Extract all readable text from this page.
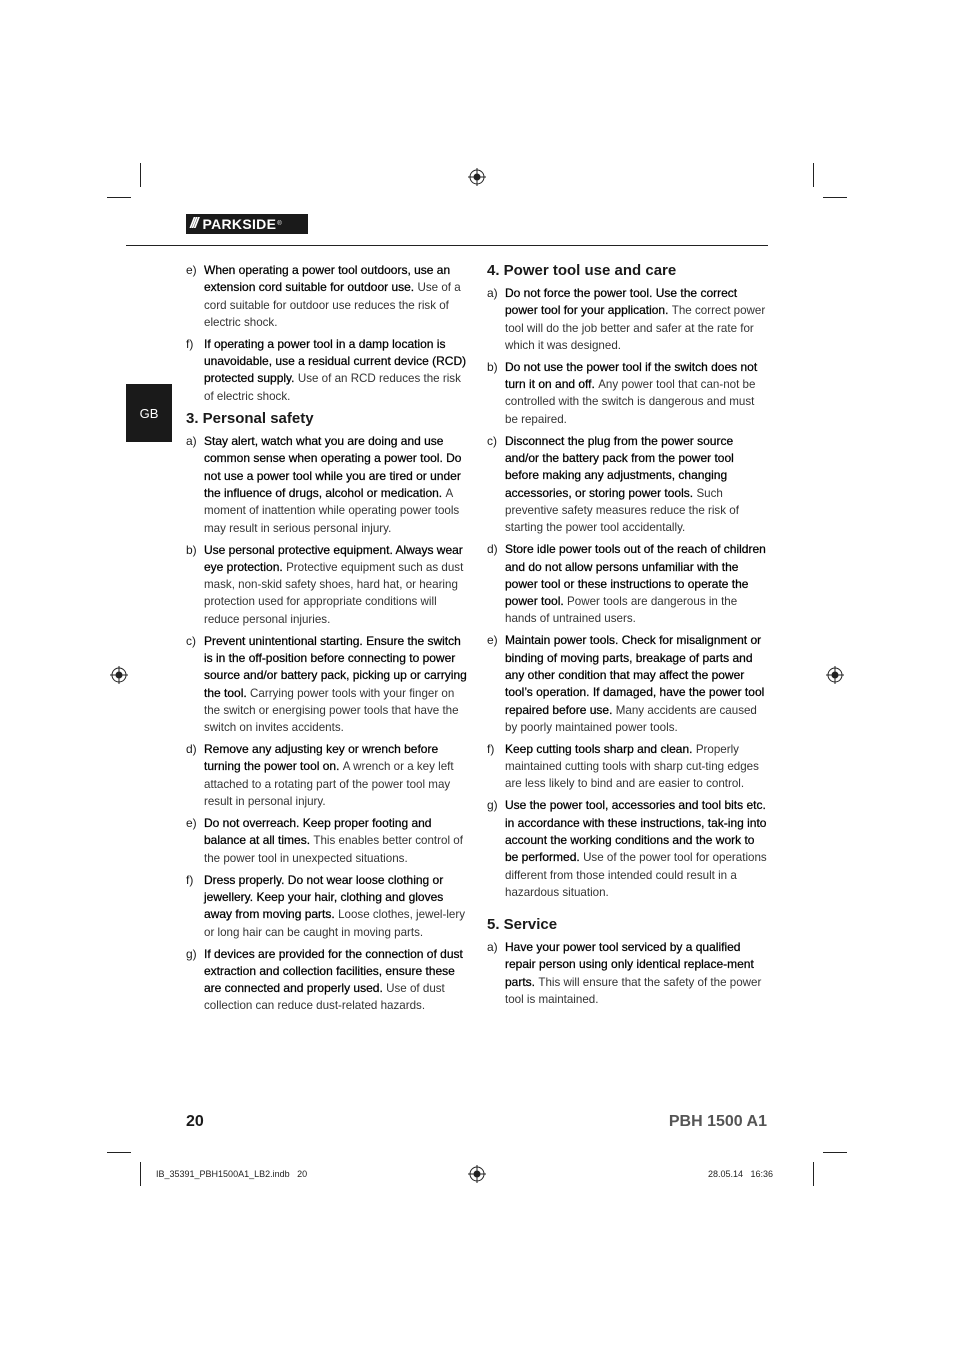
/// PARKSIDE ®
GB
e) When operating a power tool outdoors, use an extension cord suitable for outdoor use. Use of a cord suitable for outdoor use reduces the risk of electric shock.
f) If operating a power tool in a damp location is unavoidable, use a residual current device (RCD) protected supply. Use of an RCD reduces the risk of electric shock.
3. Personal safety
a) Stay alert, watch what you are doing and use common sense when operating a power tool. Do not use a power tool while you are tired or under the influence of drugs, alcohol or medication. A moment of inattention while operating power tools may result in serious personal injury.
b) Use personal protective equipment. Always wear eye protection. Protective equipment such as dust mask, non-skid safety shoes, hard hat, or hearing protection used for appropriate conditions will reduce personal injuries.
c) Prevent unintentional starting. Ensure the switch is in the off-position before connecting to power source and/or battery pack, picking up or carrying the tool. Carrying power tools with your finger on the switch or energising power tools that have the switch on invites accidents.
d) Remove any adjusting key or wrench before turning the power tool on. A wrench or a key left attached to a rotating part of the power tool may result in personal injury.
e) Do not overreach. Keep proper footing and balance at all times. This enables better control of the power tool in unexpected situations.
f) Dress properly. Do not wear loose clothing or jewellery. Keep your hair, clothing and gloves away from moving parts. Loose clothes, jewel-lery or long hair can be caught in moving parts.
g) If devices are provided for the connection of dust extraction and collection facilities, ensure these are connected and properly used. Use of dust collection can reduce dust-related hazards.
4. Power tool use and care
a) Do not force the power tool. Use the correct power tool for your application. The correct power tool will do the job better and safer at the rate for which it was designed.
b) Do not use the power tool if the switch does not turn it on and off. Any power tool that can-not be controlled with the switch is dangerous and must be repaired.
c) Disconnect the plug from the power source and/or the battery pack from the power tool before making any adjustments, changing accessories, or storing power tools. Such preventive safety measures reduce the risk of starting the power tool accidentally.
d) Store idle power tools out of the reach of children and do not allow persons unfamiliar with the power tool or these instructions to operate the power tool. Power tools are dangerous in the hands of untrained users.
e) Maintain power tools. Check for misalignment or binding of moving parts, breakage of parts and any other condition that may affect the power tool’s operation. If damaged, have the power tool repaired before use. Many accidents are caused by poorly maintained power tools.
f) Keep cutting tools sharp and clean. Properly maintained cutting tools with sharp cut-ting edges are less likely to bind and are easier to control.
g) Use the power tool, accessories and tool bits etc. in accordance with these instructions, tak-ing into account the working conditions and the work to be performed. Use of the power tool for operations different from those intended could result in a hazardous situation.
5. Service
a) Have your power tool serviced by a qualified repair person using only identical replace-ment parts. This will ensure that the safety of the power tool is maintained.
20	PBH 1500 A1
IB_35391_PBH1500A1_LB2.indb   20	28.05.14   16:36
